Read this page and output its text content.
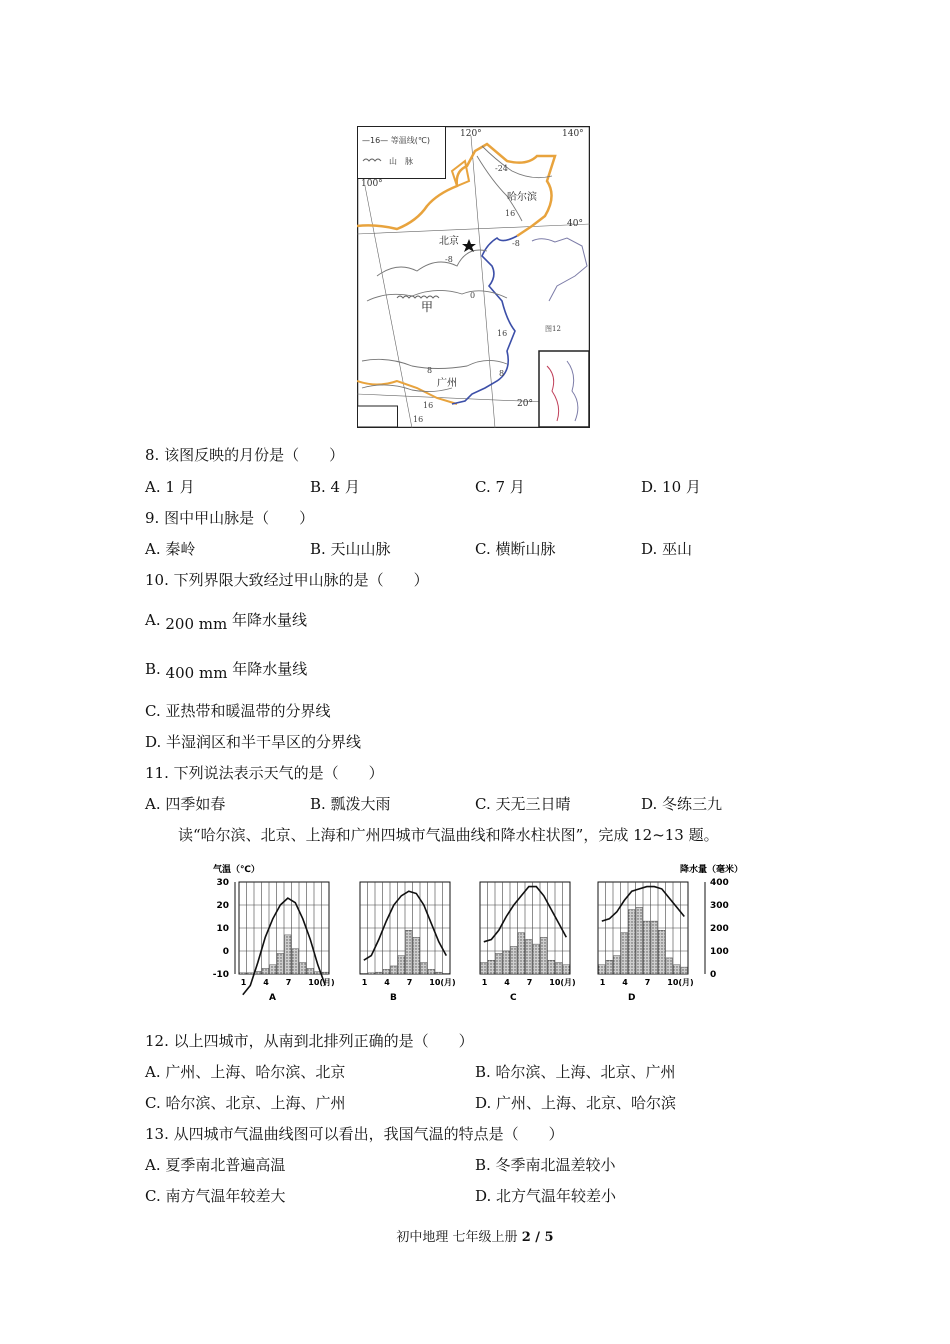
—16— 等温线(℃)
山　脉
120°	140°
100°
40°
20°
北京
哈尔滨
广州
甲
-24
16
-8
-8
0
8
16
16
8
16	图12
8. 该图反映的月份是（　　）
A. 1 月	B. 4 月	C. 7 月	D. 10 月
9. 图中甲山脉是（　　）
A. 秦岭	B. 天山山脉	C. 横断山脉	D. 巫山
10. 下列界限大致经过甲山脉的是（　　）
A. 200 mm 年降水量线
B. 400 mm 年降水量线
C. 亚热带和暖温带的分界线
D. 半湿润区和半干旱区的分界线
11. 下列说法表示天气的是（　　）
A. 四季如春	B. 瓢泼大雨	C. 天无三日晴	D. 冬练三九
读“哈尔滨、北京、上海和广州四城市气温曲线和降水柱状图”，完成 12~13 题。
气温（℃）	降水量（毫米）
30
20
10
0
-10
400
300
200
100
0
1 4 7 10(月)
A
1 4 7 10(月)
B
1 4 7 10(月)
C
1 4 7 10(月)
D
12. 以上四城市，从南到北排列正确的是（　　）
A. 广州、上海、哈尔滨、北京	B. 哈尔滨、上海、北京、广州
C. 哈尔滨、北京、上海、广州	D. 广州、上海、北京、哈尔滨
13. 从四城市气温曲线图可以看出，我国气温的特点是（　　）
A. 夏季南北普遍高温	B. 冬季南北温差较小
C. 南方气温年较差大	D. 北方气温年较差小
初中地理 七年级上册 2 / 5
